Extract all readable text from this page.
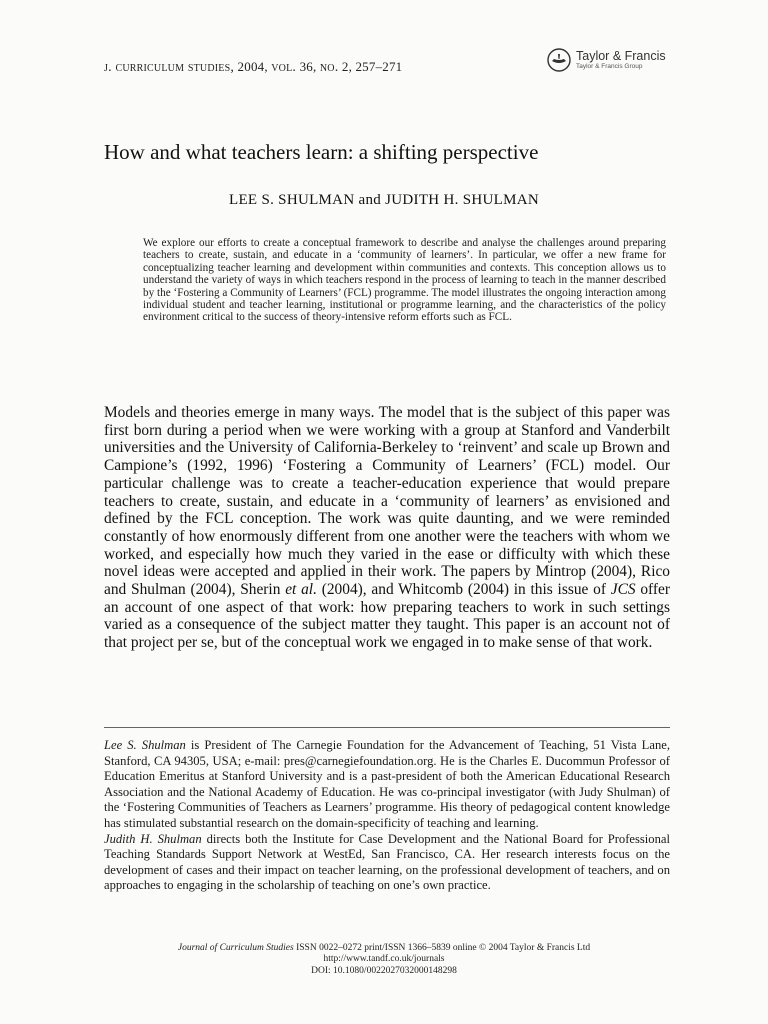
j. curriculum studies, 2004, vol. 36, no. 2, 257–271
Taylor & Francis
Taylor & Francis Group
How and what teachers learn: a shifting perspective
LEE S. SHULMAN and JUDITH H. SHULMAN

We explore our efforts to create a conceptual framework to describe and analyse the challenges around preparing teachers to create, sustain, and educate in a ‘community of learners’. In particular, we offer a new frame for conceptualizing teacher learning and development within communities and contexts. This conception allows us to understand the variety of ways in which teachers respond in the process of learning to teach in the manner described by the ‘Fostering a Community of Learners’ (FCL) programme. The model illustrates the ongoing interaction among individual student and teacher learning, institutional or programme learning, and the characteristics of the policy environment critical to the success of theory-intensive reform efforts such as FCL.

Models and theories emerge in many ways. The model that is the subject of this paper was first born during a period when we were working with a group at Stanford and Vanderbilt universities and the University of California-Berkeley to ‘reinvent’ and scale up Brown and Campione’s (1992, 1996) ‘Fostering a Community of Learners’ (FCL) model. Our particular challenge was to create a teacher-education experience that would prepare teachers to create, sustain, and educate in a ‘community of learners’ as envisioned and defined by the FCL conception. The work was quite daunting, and we were reminded constantly of how enormously different from one another were the teachers with whom we worked, and especially how much they varied in the ease or difficulty with which these novel ideas were accepted and applied in their work. The papers by Mintrop (2004), Rico and Shulman (2004), Sherin et al. (2004), and Whitcomb (2004) in this issue of JCS offer an account of one aspect of that work: how preparing teachers to work in such settings varied as a consequence of the subject matter they taught. This paper is an account not of that project per se, but of the conceptual work we engaged in to make sense of that work.

Lee S. Shulman is President of The Carnegie Foundation for the Advancement of Teaching, 51 Vista Lane, Stanford, CA 94305, USA; e-mail: pres@carnegiefoundation.org. He is the Charles E. Ducommun Professor of Education Emeritus at Stanford University and is a past-president of both the American Educational Research Association and the National Academy of Education. He was co-principal investigator (with Judy Shulman) of the ‘Fostering Communities of Teachers as Learners’ programme. His theory of pedagogical content knowledge has stimulated substantial research on the domain-specificity of teaching and learning.

Judith H. Shulman directs both the Institute for Case Development and the National Board for Professional Teaching Standards Support Network at WestEd, San Francisco, CA. Her research interests focus on the development of cases and their impact on teacher learning, on the professional development of teachers, and on approaches to engaging in the scholarship of teaching on one’s own practice.

Journal of Curriculum Studies ISSN 0022–0272 print/ISSN 1366–5839 online © 2004 Taylor & Francis Ltd
http://www.tandf.co.uk/journals
DOI: 10.1080/0022027032000148298
